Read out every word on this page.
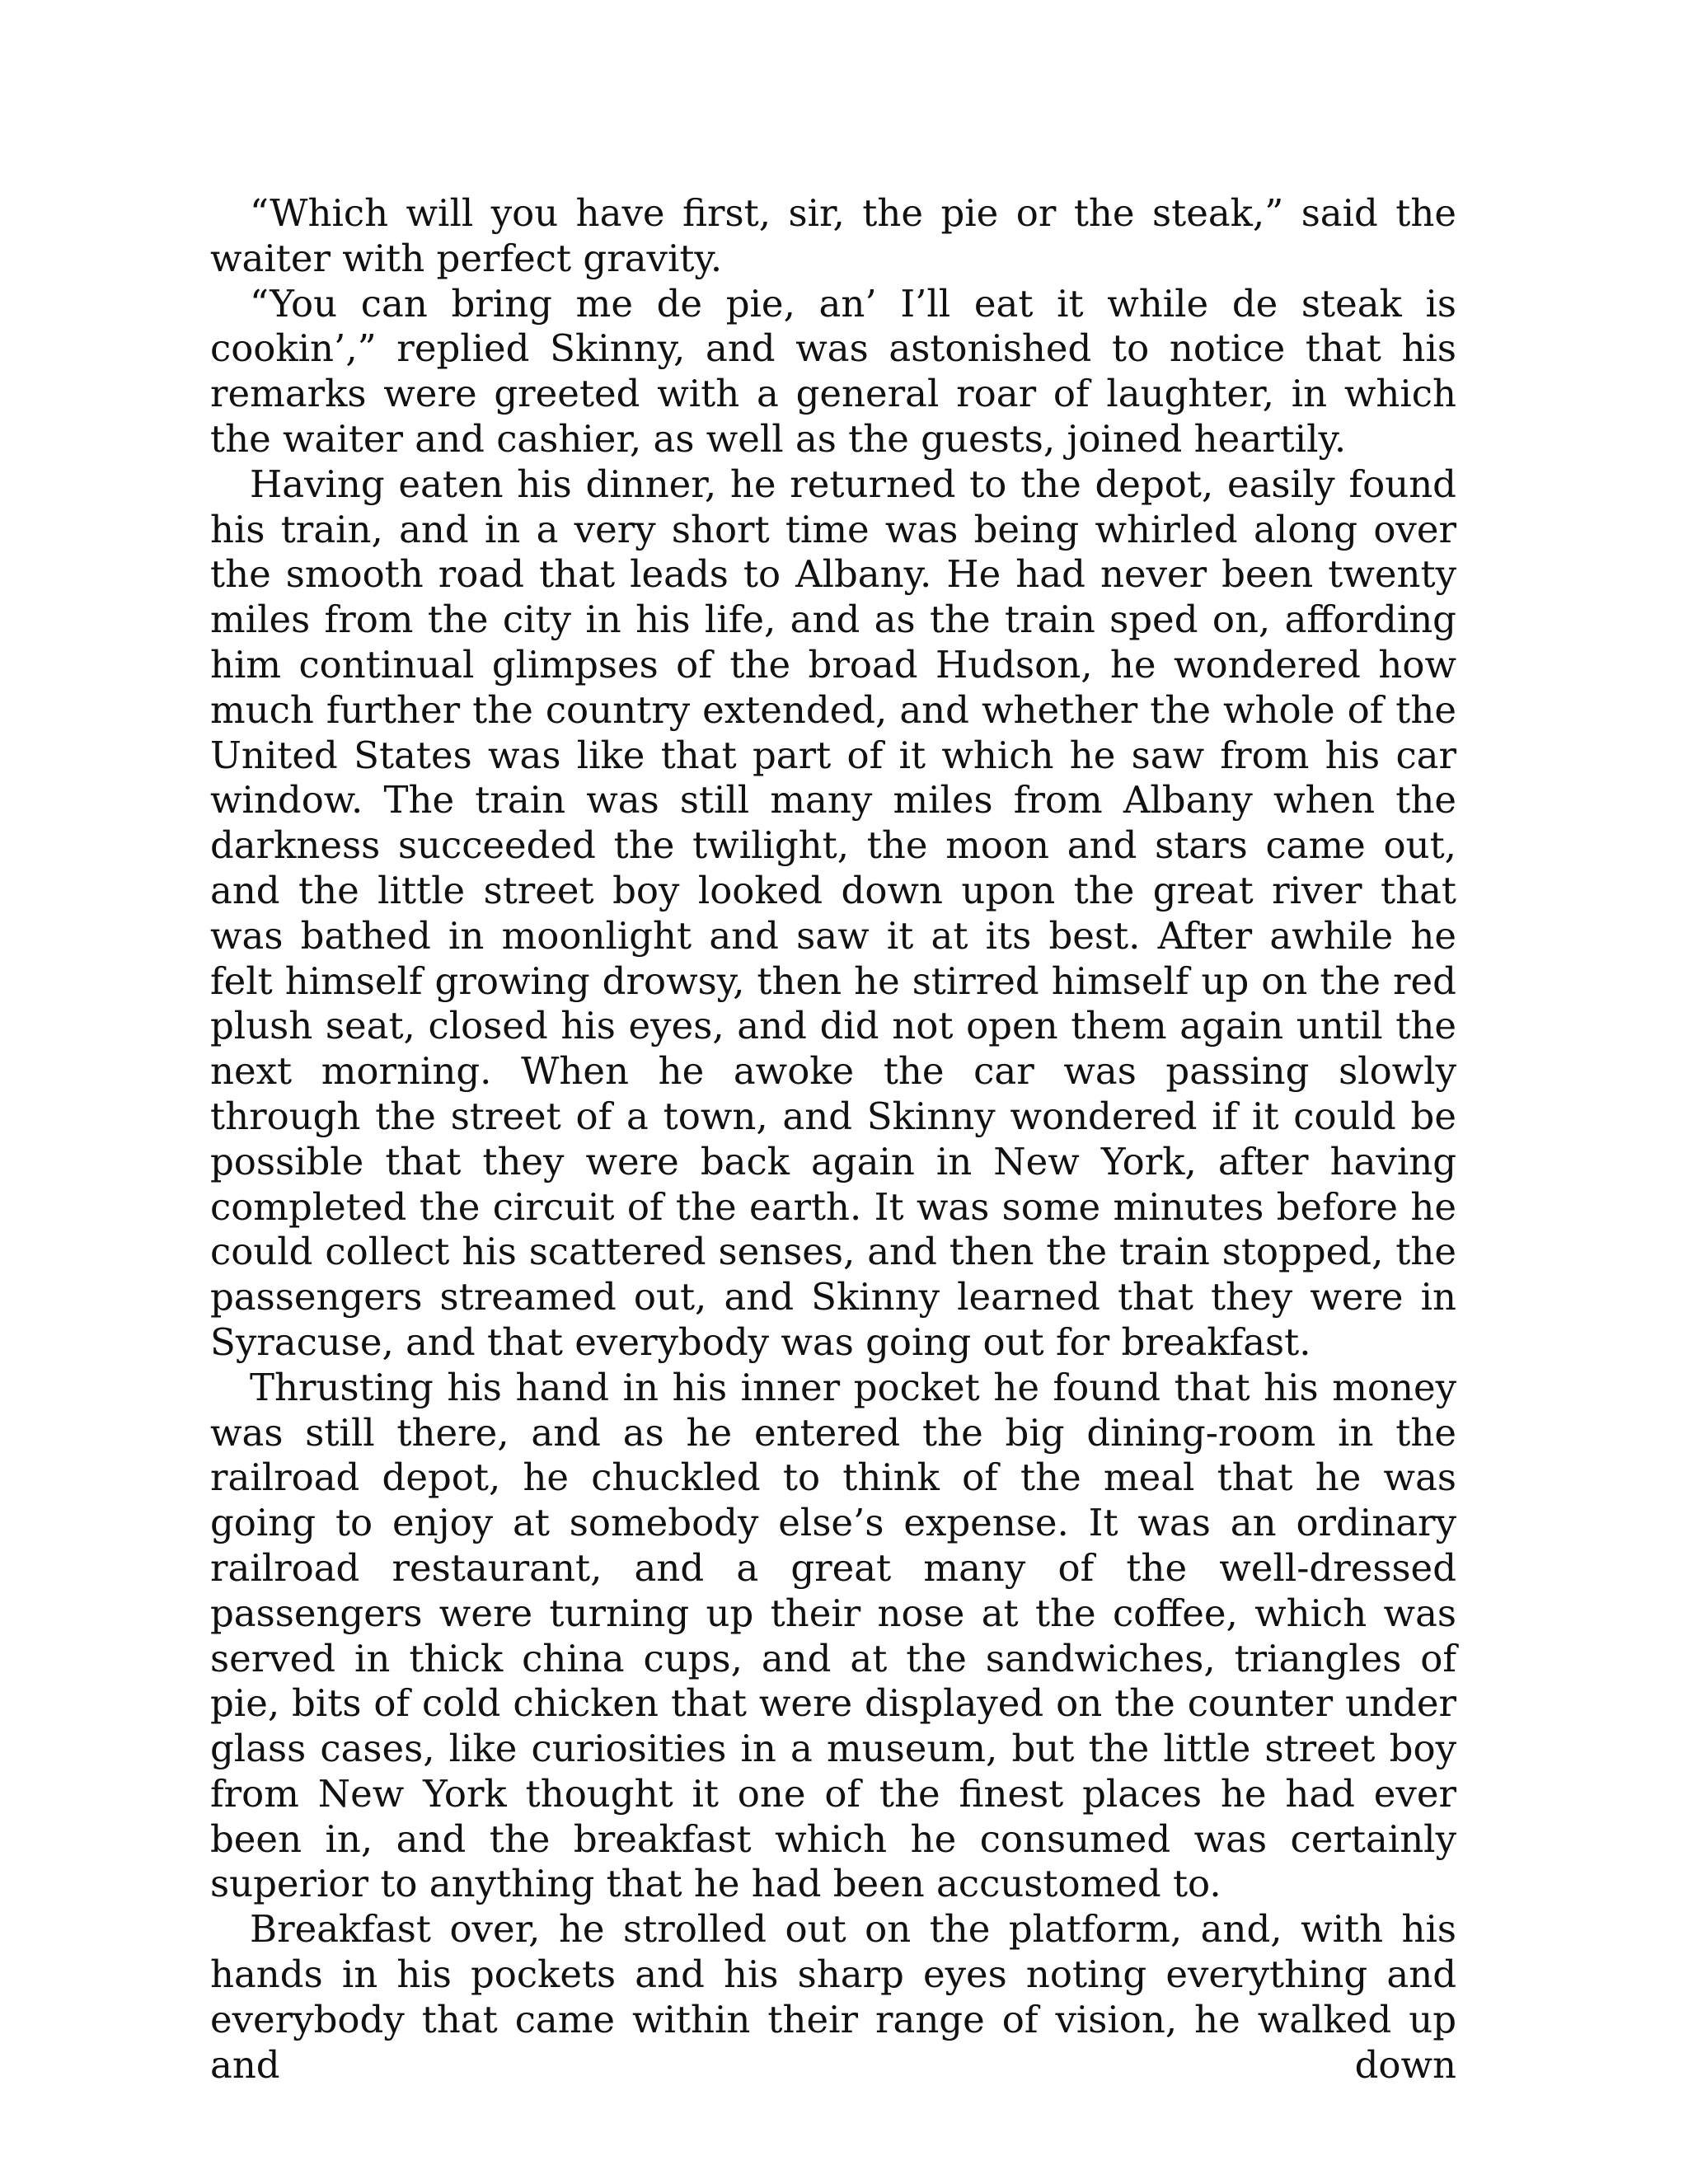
“Which will you have first, sir, the pie or the steak,” said the waiter with perfect gravity.

“You can bring me de pie, an’ I’ll eat it while de steak is cookin’,” replied Skinny, and was astonished to notice that his remarks were greeted with a general roar of laughter, in which the waiter and cashier, as well as the guests, joined heartily.

Having eaten his dinner, he returned to the depot, easily found his train, and in a very short time was being whirled along over the smooth road that leads to Albany. He had never been twenty miles from the city in his life, and as the train sped on, affording him continual glimpses of the broad Hudson, he wondered how much further the country extended, and whether the whole of the United States was like that part of it which he saw from his car window. The train was still many miles from Albany when the darkness succeeded the twilight, the moon and stars came out, and the little street boy looked down upon the great river that was bathed in moonlight and saw it at its best. After awhile he felt himself growing drowsy, then he stirred himself up on the red plush seat, closed his eyes, and did not open them again until the next morning. When he awoke the car was passing slowly through the street of a town, and Skinny wondered if it could be possible that they were back again in New York, after having completed the circuit of the earth. It was some minutes before he could collect his scattered senses, and then the train stopped, the passengers streamed out, and Skinny learned that they were in Syracuse, and that everybody was going out for breakfast.

Thrusting his hand in his inner pocket he found that his money was still there, and as he entered the big dining-room in the railroad depot, he chuckled to think of the meal that he was going to enjoy at somebody else’s expense. It was an ordinary railroad restaurant, and a great many of the well-dressed passengers were turning up their nose at the coffee, which was served in thick china cups, and at the sandwiches, triangles of pie, bits of cold chicken that were displayed on the counter under glass cases, like curiosities in a museum, but the little street boy from New York thought it one of the finest places he had ever been in, and the breakfast which he consumed was certainly superior to anything that he had been accustomed to.

Breakfast over, he strolled out on the platform, and, with his hands in his pockets and his sharp eyes noting everything and everybody that came within their range of vision, he walked up and down
